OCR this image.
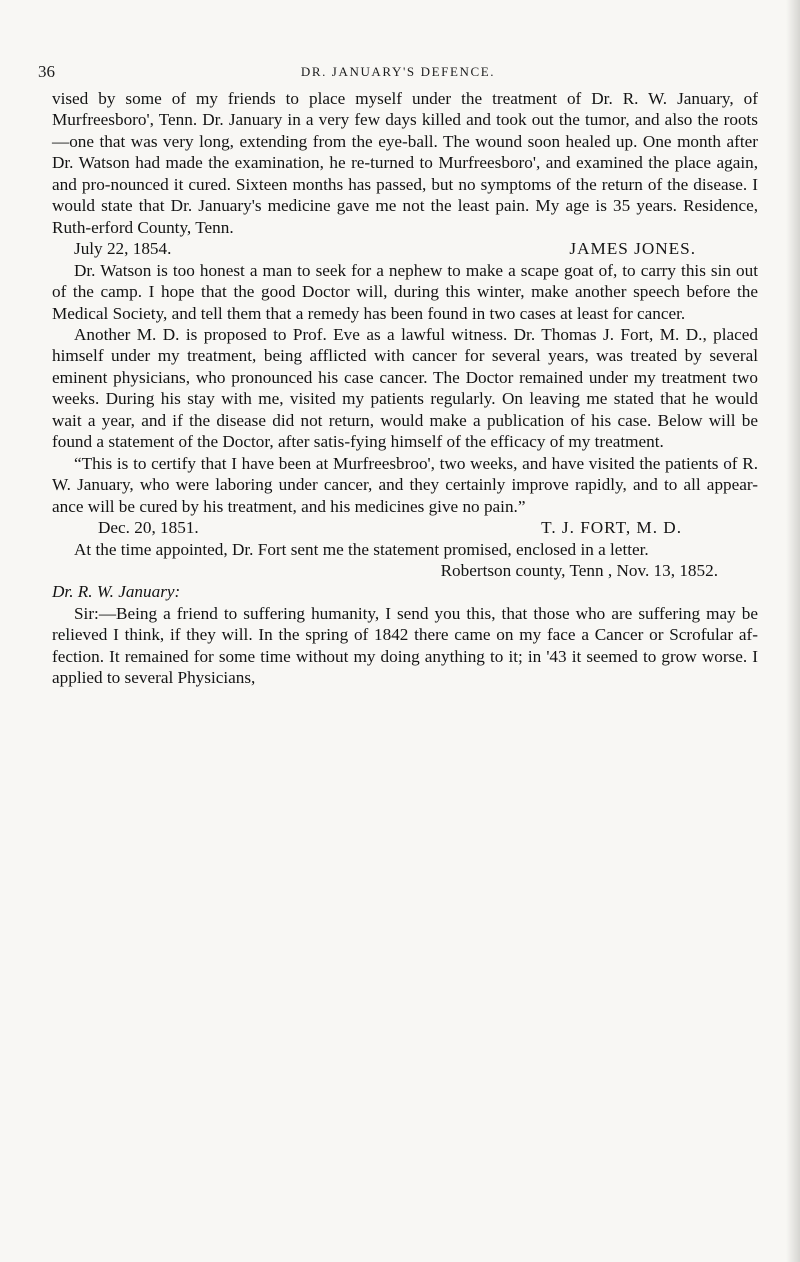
36	DR. JANUARY'S DEFENCE.

vised by some of my friends to place myself under the treatment of Dr. R. W. January, of Murfreesboro', Tenn. Dr. January in a very few days killed and took out the tumor, and also the roots—one that was very long, extending from the eye-ball. The wound soon healed up. One month after Dr. Watson had made the examination, he re-turned to Murfreesboro', and examined the place again, and pro-nounced it cured. Sixteen months has passed, but no symptoms of the return of the disease. I would state that Dr. January's medicine gave me not the least pain. My age is 35 years. Residence, Ruth-erford County, Tenn.

July 22, 1854.	JAMES JONES.

Dr. Watson is too honest a man to seek for a nephew to make a scape goat of, to carry this sin out of the camp. I hope that the good Doctor will, during this winter, make another speech before the Medical Society, and tell them that a remedy has been found in two cases at least for cancer.

Another M. D. is proposed to Prof. Eve as a lawful witness. Dr. Thomas J. Fort, M. D., placed himself under my treatment, being afflicted with cancer for several years, was treated by several eminent physicians, who pronounced his case cancer. The Doctor remained under my treatment two weeks. During his stay with me, visited my patients regularly. On leaving me stated that he would wait a year, and if the disease did not return, would make a publication of his case. Below will be found a statement of the Doctor, after satis-fying himself of the efficacy of my treatment.

“This is to certify that I have been at Murfreesbroo', two weeks, and have visited the patients of R. W. January, who were laboring under cancer, and they certainly improve rapidly, and to all appear-ance will be cured by his treatment, and his medicines give no pain.”

Dec. 20, 1851.	T. J. FORT, M. D.

At the time appointed, Dr. Fort sent me the statement promised, enclosed in a letter.

Robertson county, Tenn , Nov. 13, 1852.

Dr. R. W. January:

Sir:—Being a friend to suffering humanity, I send you this, that those who are suffering may be relieved I think, if they will. In the spring of 1842 there came on my face a Cancer or Scrofular af-fection. It remained for some time without my doing anything to it; in '43 it seemed to grow worse. I applied to several Physicians,
